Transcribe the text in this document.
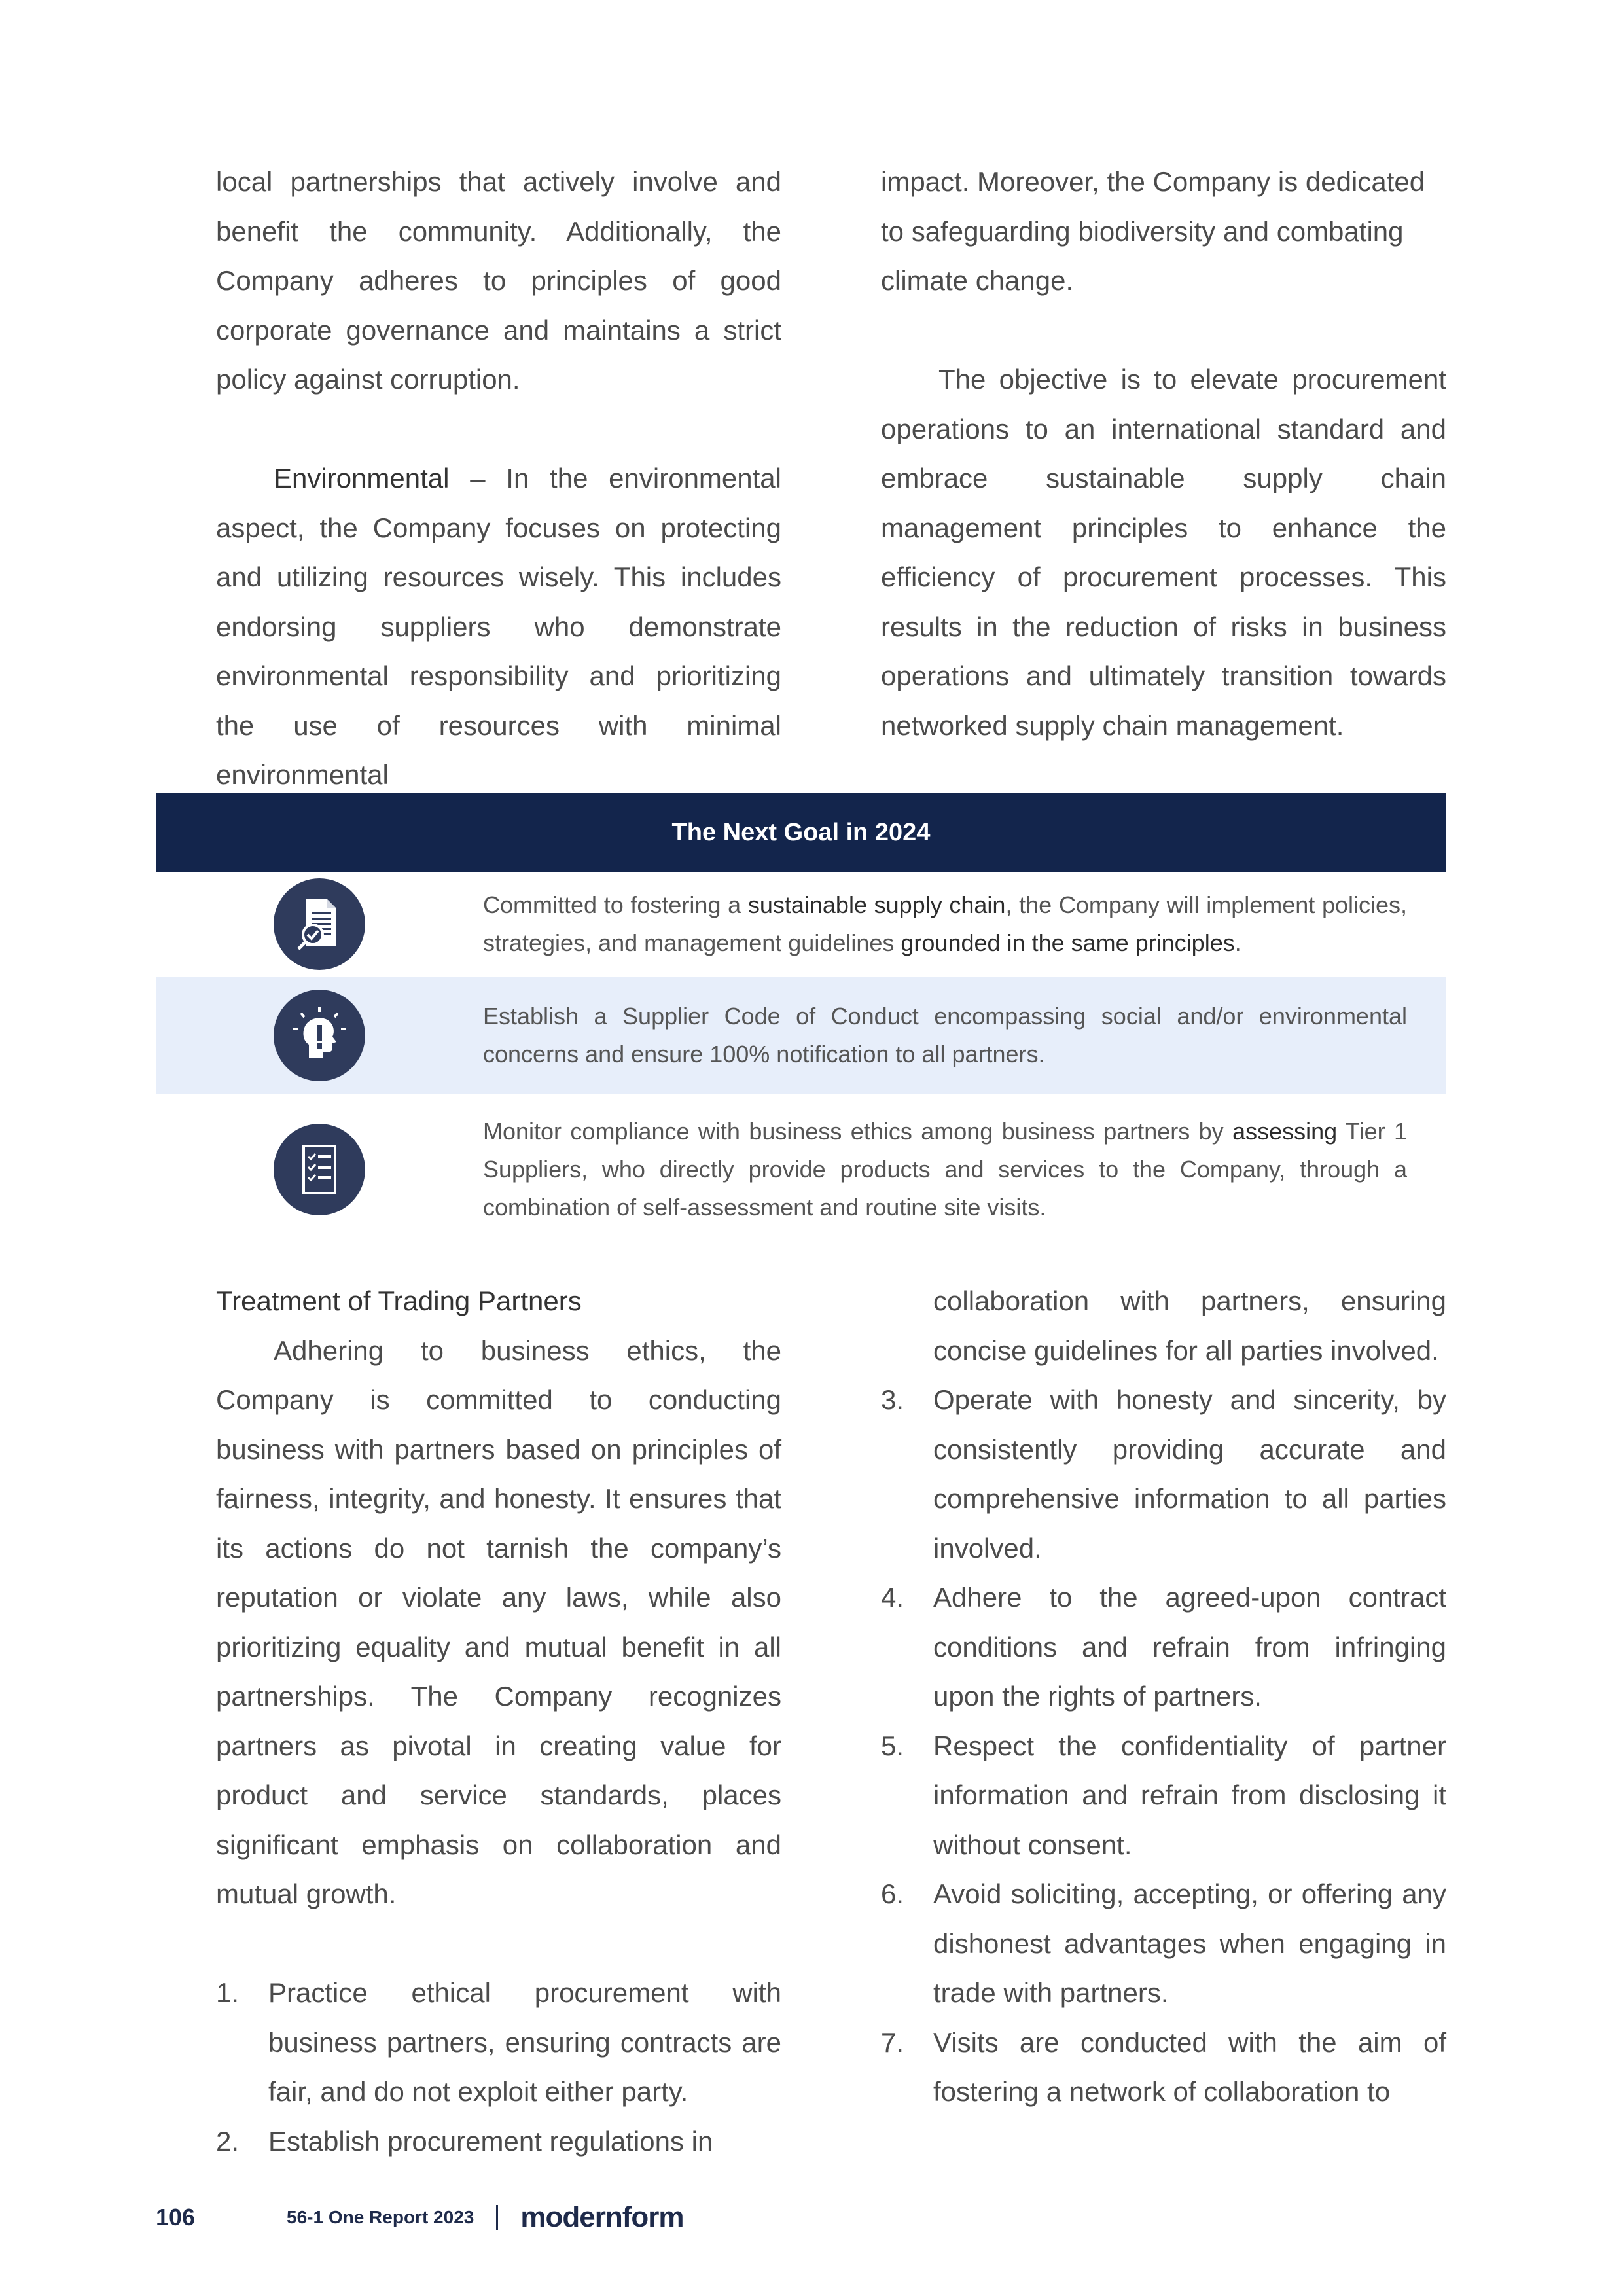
local partnerships that actively involve and benefit the community. Additionally, the Company adheres to principles of good corporate governance and maintains a strict policy against corruption.

Environmental – In the environmental aspect, the Company focuses on protecting and utilizing resources wisely. This includes endorsing suppliers who demonstrate environmental responsibility and prioritizing the use of resources with minimal environmental

impact. Moreover, the Company is dedicated to safeguarding biodiversity and combating climate change.

The objective is to elevate procurement operations to an international standard and embrace sustainable supply chain management principles to enhance the efficiency of procurement processes. This results in the reduction of risks in business operations and ultimately transition towards networked supply chain management.

The Next Goal in 2024
Committed to fostering a sustainable supply chain, the Company will implement policies, strategies, and management guidelines grounded in the same principles.
Establish a Supplier Code of Conduct encompassing social and/or environmental concerns and ensure 100% notification to all partners.
Monitor compliance with business ethics among business partners by assessing Tier 1 Suppliers, who directly provide products and services to the Company, through a combination of self-assessment and routine site visits.
Treatment of Trading Partners

Adhering to business ethics, the Company is committed to conducting business with partners based on principles of fairness, integrity, and honesty. It ensures that its actions do not tarnish the company’s reputation or violate any laws, while also prioritizing equality and mutual benefit in all partnerships. The Company recognizes partners as pivotal in creating value for product and service standards, places significant emphasis on collaboration and mutual growth.

1. Practice ethical procurement with business partners, ensuring contracts are fair, and do not exploit either party.
2. Establish procurement regulations in
collaboration with partners, ensuring concise guidelines for all parties involved.
3. Operate with honesty and sincerity, by consistently providing accurate and comprehensive information to all parties involved.
4. Adhere to the agreed-upon contract conditions and refrain from infringing upon the rights of partners.
5. Respect the confidentiality of partner information and refrain from disclosing it without consent.
6. Avoid soliciting, accepting, or offering any dishonest advantages when engaging in trade with partners.
7. Visits are conducted with the aim of fostering a network of collaboration to
106	56-1 One Report 2023 modernform
